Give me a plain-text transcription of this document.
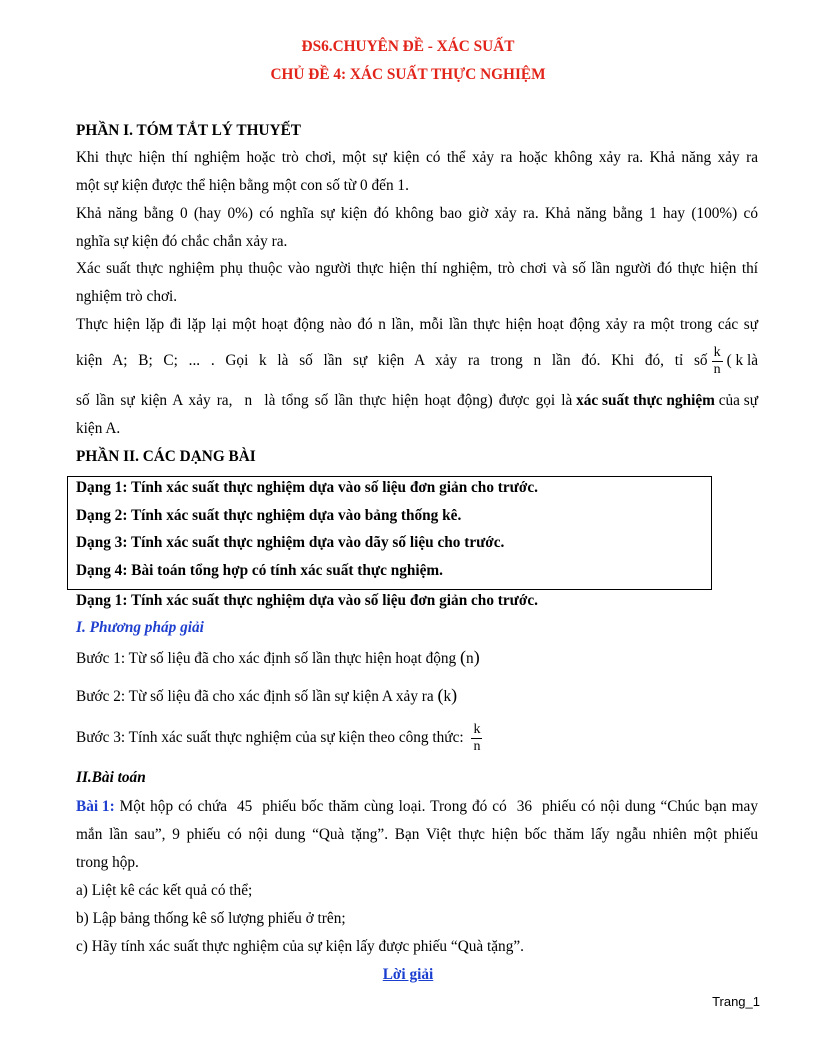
ĐS6.CHUYÊN ĐỀ - XÁC SUẤT
CHỦ ĐỀ 4: XÁC SUẤT THỰC NGHIỆM
PHẦN I. TÓM TẮT LÝ THUYẾT
Khi thực hiện thí nghiệm hoặc trò chơi, một sự kiện có thể xảy ra hoặc không xảy ra. Khả năng xảy ra
một sự kiện được thể hiện bằng một con số từ 0 đến 1.
Khả năng bằng 0 (hay 0%) có nghĩa sự kiện đó không bao giờ xảy ra. Khả năng bằng 1 hay (100%) có
nghĩa sự kiện đó chắc chắn xảy ra.
Xác suất thực nghiệm phụ thuộc vào người thực hiện thí nghiệm, trò chơi và số lần người đó thực hiện thí
nghiệm trò chơi.
Thực hiện lặp đi lặp lại một hoạt động nào đó n lần, mỗi lần thực hiện hoạt động xảy ra một trong các sự
kiện A; B; C; ... . Gọi k là số lần sự kiện A xảy ra trong n lần đó. Khi đó, tỉ số $\frac{k}{n}$ ( k là
số lần sự kiện A xảy ra,  n  là tổng số lần thực hiện hoạt động) được gọi là xác suất thực nghiệm của sự
kiện A.
PHẦN II. CÁC DẠNG BÀI
Dạng 1: Tính xác suất thực nghiệm dựa vào số liệu đơn giản cho trước.
Dạng 2: Tính xác suất thực nghiệm dựa vào bảng thống kê.
Dạng 3: Tính xác suất thực nghiệm dựa vào dãy số liệu cho trước.
Dạng 4: Bài toán tổng hợp có tính xác suất thực nghiệm.
Dạng 1: Tính xác suất thực nghiệm dựa vào số liệu đơn giản cho trước.
I. Phương pháp giải
Bước 1: Từ số liệu đã cho xác định số lần thực hiện hoạt động (n)
Bước 2: Từ số liệu đã cho xác định số lần sự kiện A xảy ra (k)
Bước 3: Tính xác suất thực nghiệm của sự kiện theo công thức: $\frac{k}{n}$
II.Bài toán
Bài 1: Một hộp có chứa  45  phiếu bốc thăm cùng loại. Trong đó có  36  phiếu có nội dung “Chúc bạn may
mắn lần sau”, 9 phiếu có nội dung “Quà tặng”. Bạn Việt thực hiện bốc thăm lấy ngẫu nhiên một phiếu
trong hộp.
a) Liệt kê các kết quả có thể;
b) Lập bảng thống kê số lượng phiếu ở trên;
c) Hãy tính xác suất thực nghiệm của sự kiện lấy được phiếu “Quà tặng”.
Lời giải
Trang_1
